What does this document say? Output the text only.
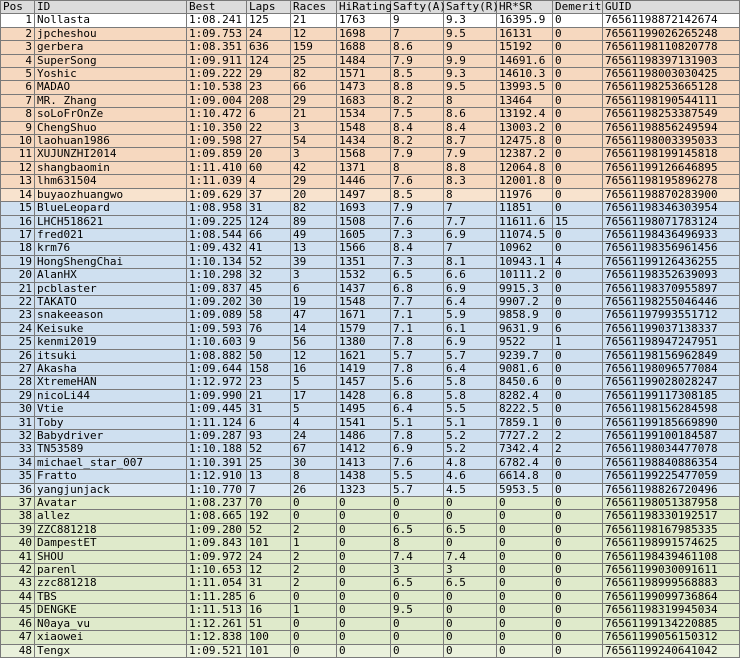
Pos	ID	Best	Laps	Races	HiRating	Safty(A)	Safty(R)	HR*SR	Demerit	GUID
1	Nollasta	1:08.241	125	21	1763	9	9.3	16395.9	0	76561198872142674
2	jpcheshou	1:09.753	24	12	1698	7	9.5	16131	0	76561199026265248
3	gerbera	1:08.351	636	159	1688	8.6	9	15192	0	76561198110820778
4	SuperSong	1:09.911	124	25	1484	7.9	9.9	14691.6	0	76561198397131903
5	Yoshic	1:09.222	29	82	1571	8.5	9.3	14610.3	0	76561198003030425
6	MADAO	1:10.538	23	66	1473	8.8	9.5	13993.5	0	76561198253665128
7	MR. Zhang	1:09.004	208	29	1683	8.2	8	13464	0	76561198190544111
8	soLoFrOnZe	1:10.472	6	21	1534	7.5	8.6	13192.4	0	76561198253387549
9	ChengShuo	1:10.350	22	3	1548	8.4	8.4	13003.2	0	76561198856249594
10	laohuan1986	1:09.598	27	54	1434	8.2	8.7	12475.8	0	76561198003395033
11	XUJUNZHI2014	1:09.859	20	3	1568	7.9	7.9	12387.2	0	76561198199145818
12	shangbaomin	1:11.410	60	42	1371	8	8.8	12064.8	0	76561199126646895
13	lhm631504	1:11.039	4	29	1446	7.6	8.3	12001.8	0	76561198195896278
14	buyaozhuangwo	1:09.629	37	20	1497	8.5	8	11976	0	76561198870283900
15	BlueLeopard	1:08.958	31	82	1693	7.9	7	11851	0	76561198346303954
16	LHCH518621	1:09.225	124	89	1508	7.6	7.7	11611.6	15	76561198071783124
17	fred021	1:08.544	66	49	1605	7.3	6.9	11074.5	0	76561198436496933
18	krm76	1:09.432	41	13	1566	8.4	7	10962	0	76561198356961456
19	HongShengChai	1:10.134	52	39	1351	7.3	8.1	10943.1	4	76561199126436255
20	AlanHX	1:10.298	32	3	1532	6.5	6.6	10111.2	0	76561198352639093
21	pcblaster	1:09.837	45	6	1437	6.8	6.9	9915.3	0	76561198370955897
22	TAKATO	1:09.202	30	19	1548	7.7	6.4	9907.2	0	76561198255046446
23	snakeeason	1:09.089	58	47	1671	7.1	5.9	9858.9	0	76561197993551712
24	Keisuke	1:09.593	76	14	1579	7.1	6.1	9631.9	6	76561199037138337
25	kenmi2019	1:10.603	9	56	1380	7.8	6.9	9522	1	76561198947247951
26	itsuki	1:08.882	50	12	1621	5.7	5.7	9239.7	0	76561198156962849
27	Akasha	1:09.644	158	16	1419	7.8	6.4	9081.6	0	76561198096577084
28	XtremeHAN	1:12.972	23	5	1457	5.6	5.8	8450.6	0	76561199028028247
29	nicoLi44	1:09.990	21	17	1428	6.8	5.8	8282.4	0	76561199117308185
30	Vtie	1:09.445	31	5	1495	6.4	5.5	8222.5	0	76561198156284598
31	Toby	1:11.124	6	4	1541	5.1	5.1	7859.1	0	76561199185669890
32	Babydriver	1:09.287	93	24	1486	7.8	5.2	7727.2	2	76561199100184587
33	TN53589	1:10.188	52	67	1412	6.9	5.2	7342.4	2	76561198034477078
34	michael_star_007	1:10.391	25	30	1413	7.6	4.8	6782.4	0	76561198840886354
35	Fratto	1:12.910	13	8	1438	5.5	4.6	6614.8	0	76561199225477059
36	yangjunjack	1:10.770	7	26	1323	5.7	4.5	5953.5	0	76561198826720496
37	Avatar	1:08.237	70	0	0	0	0	0	0	76561198051387958
38	allez	1:08.665	192	0	0	0	0	0	0	76561198330192517
39	ZZC881218	1:09.280	52	2	0	6.5	6.5	0	0	76561198167985335
40	DampestET	1:09.843	101	1	0	8	0	0	0	76561198991574625
41	SHOU	1:09.972	24	2	0	7.4	7.4	0	0	76561198439461108
42	parenl	1:10.653	12	2	0	3	3	0	0	76561199030091611
43	zzc881218	1:11.054	31	2	0	6.5	6.5	0	0	76561198999568883
44	TBS	1:11.285	6	0	0	0	0	0	0	76561199099736864
45	DENGKE	1:11.513	16	1	0	9.5	0	0	0	76561198319945034
46	N0aya_vu	1:12.261	51	0	0	0	0	0	0	76561199134220885
47	xiaowei	1:12.838	100	0	0	0	0	0	0	76561199056150312
48	Tengx	1:09.521	101	0	0	0	0	0	0	76561199240641042
